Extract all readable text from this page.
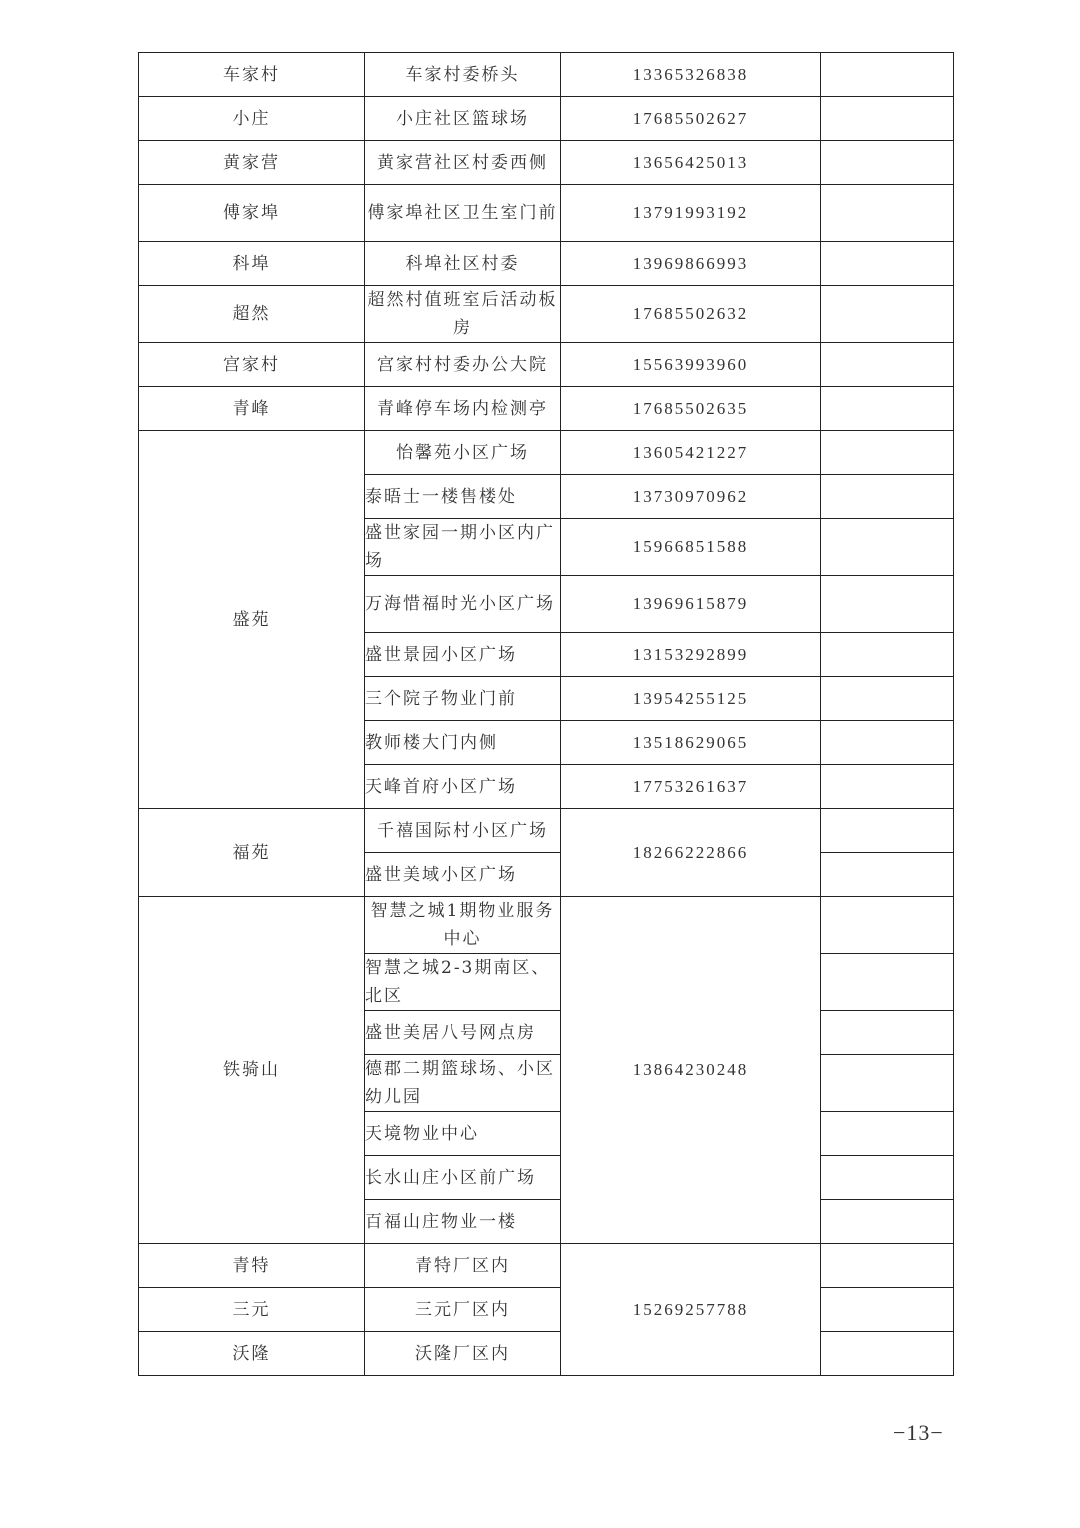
车家村	车家村委桥头	13365326838	
小庄	小庄社区篮球场	17685502627	
黄家营	黄家营社区村委西侧	13656425013	
傅家埠	傅家埠社区卫生室门前	13791993192	
科埠	科埠社区村委	13969866993	
超然	超然村值班室后活动板房	17685502632	
宫家村	宫家村村委办公大院	15563993960	
青峰	青峰停车场内检测亭	17685502635	
盛苑	怡馨苑小区广场	13605421227	
	泰晤士一楼售楼处	13730970962	
	盛世家园一期小区内广场	15966851588	
	万海惜福时光小区广场	13969615879	
	盛世景园小区广场	13153292899	
	三个院子物业门前	13954255125	
	教师楼大门内侧	13518629065	
	天峰首府小区广场	17753261637	
福苑	千禧国际村小区广场	18266222866	
	盛世美域小区广场		
铁骑山	智慧之城1期物业服务中心	13864230248	
	智慧之城2-3期南区、北区		
	盛世美居八号网点房		
	德郡二期篮球场、小区幼儿园		
	天境物业中心		
	长水山庄小区前广场		
	百福山庄物业一楼		
青特	青特厂区内	15269257788	
三元	三元厂区内		
沃隆	沃隆厂区内		
−13−
